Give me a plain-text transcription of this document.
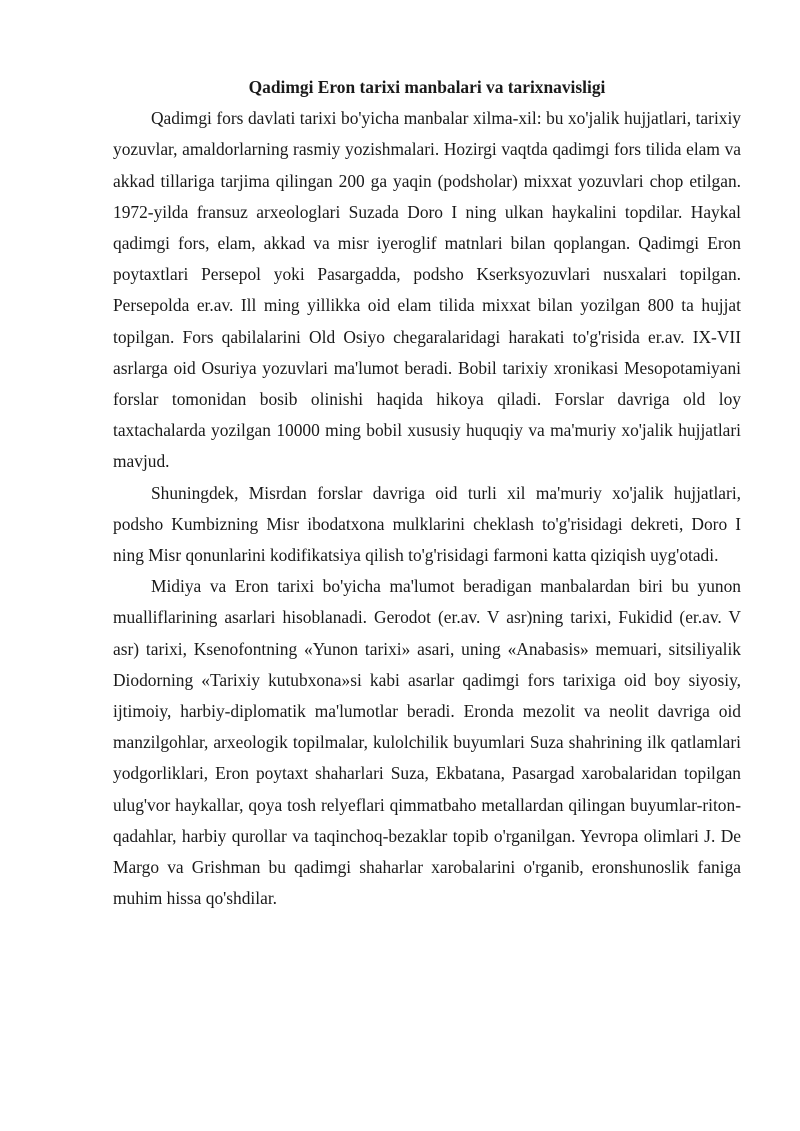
Qadimgi Eron tarixi manbalari va tarixnavisligi

Qadimgi fors davlati tarixi bo'yicha manbalar xilma-xil: bu xo'jalik hujjatlari, tarixiy yozuvlar, amaldorlarning rasmiy yozishmalari. Hozirgi vaqtda qadimgi fors tilida elam va akkad tillariga tarjima qilingan 200 ga yaqin (podsholar) mixxat yozuvlari chop etilgan. 1972-yilda fransuz arxeologlari Suzada Doro I ning ulkan haykalini topdilar. Haykal qadimgi fors, elam, akkad va misr iyeroglif matnlari bilan qoplangan. Qadimgi Eron poytaxtlari Persepol yoki Pasargadda, podsho Kserksyozuvlari nusxalari topilgan. Persepolda er.av. Ill ming yillikka oid elam tilida mixxat bilan yozilgan 800 ta hujjat topilgan. Fors qabilalarini Old Osiyo chegaralaridagi harakati to'g'risida er.av. IX-VII asrlarga oid Osuriya yozuvlari ma'lumot beradi. Bobil tarixiy xronikasi Mesopotamiyani forslar tomonidan bosib olinishi haqida hikoya qiladi. Forslar davriga old loy taxtachalarda yozilgan 10000 ming bobil xususiy huquqiy va ma'muriy xo'jalik hujjatlari mavjud.

Shuningdek, Misrdan forslar davriga oid turli xil ma'muriy xo'jalik hujjatlari, podsho Kumbizning Misr ibodatxona mulklarini cheklash to'g'risidagi dekreti, Doro I ning Misr qonunlarini kodifikatsiya qilish to'g'risidagi farmoni katta qiziqish uyg'otadi.

Midiya va Eron tarixi bo'yicha ma'lumot beradigan manbalardan biri bu yunon mualliflarining asarlari hisoblanadi. Gerodot (er.av. V asr)ning tarixi, Fukidid (er.av. V asr) tarixi, Ksenofontning «Yunon tarixi» asari, uning «Anabasis» memuari, sitsiliyalik Diodorning «Tarixiy kutubxona»si kabi asarlar qadimgi fors tarixiga oid boy siyosiy, ijtimoiy, harbiy-diplomatik ma'lumotlar beradi. Eronda mezolit va neolit davriga oid manzilgohlar, arxeologik topilmalar, kulolchilik buyumlari Suza shahrining ilk qatlamlari yodgorliklari, Eron poytaxt shaharlari Suza, Ekbatana, Pasargad xarobalaridan topilgan ulug'vor haykallar, qoya tosh relyeflari qimmatbaho metallardan qilingan buyumlar-riton-qadahlar, harbiy qurollar va taqinchoq-bezaklar topib o'rganilgan. Yevropa olimlari J. De Margo va Grishman bu qadimgi shaharlar xarobalarini o'rganib, eronshunoslik faniga muhim hissa qo'shdilar.
